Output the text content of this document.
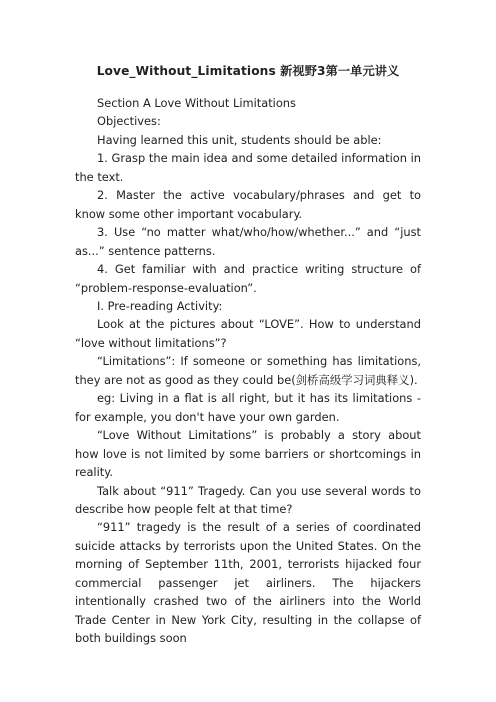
Love_Without_Limitations 新视野3第一单元讲义

Section A Love Without Limitations

Objectives:

Having learned this unit, students should be able:

1. Grasp the main idea and some detailed information in the text.

2. Master the active vocabulary/phrases and get to know some other important vocabulary.

3. Use “no matter what/who/how/whether...” and “just as...” sentence patterns.

4. Get familiar with and practice writing structure of “problem-response-evaluation”.

I. Pre-reading Activity:

Look at the pictures about “LOVE”. How to understand “love without limitations”?

“Limitations”: If someone or something has limitations, they are not as good as they could be(剑桥高级学习词典释义).

eg: Living in a flat is all right, but it has its limitations - for example, you don't have your own garden.

“Love Without Limitations” is probably a story about how love is not limited by some barriers or shortcomings in reality.

Talk about “911” Tragedy. Can you use several words to describe how people felt at that time?

“911” tragedy is the result of a series of coordinated suicide attacks by terrorists upon the United States. On the morning of September 11th, 2001, terrorists hijacked four commercial passenger jet airliners. The hijackers intentionally crashed two of the airliners into the World Trade Center in New York City, resulting in the collapse of both buildings soon
